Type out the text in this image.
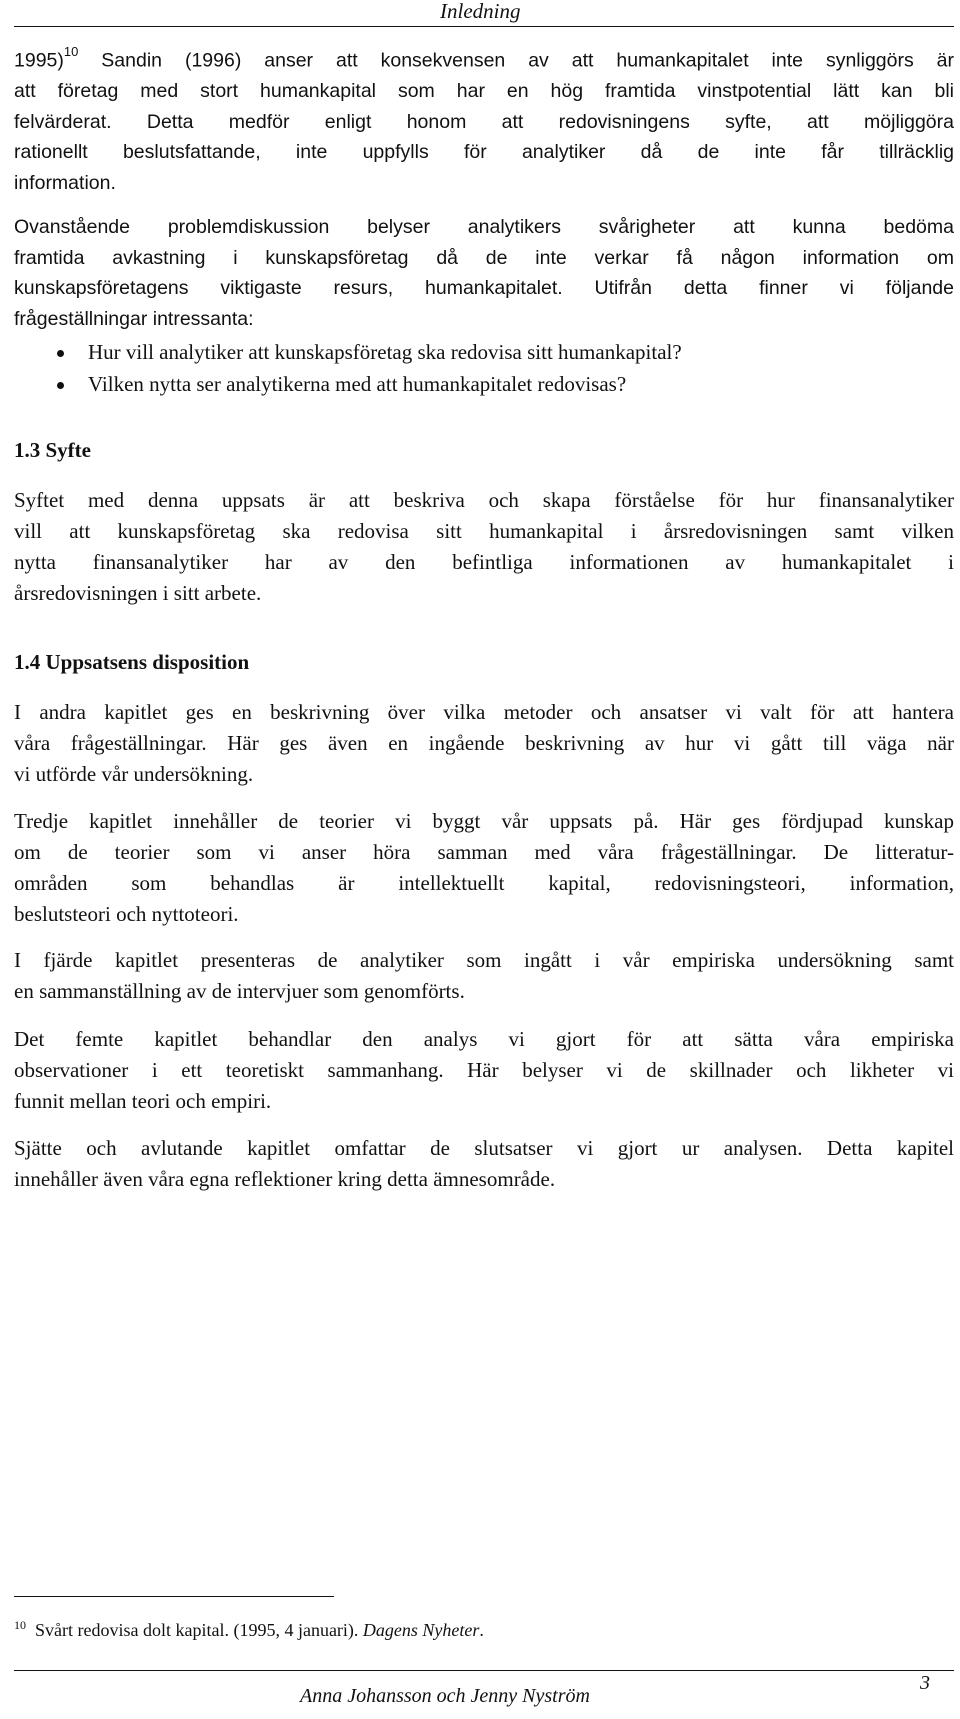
Inledning
1995)$^{10}$ Sandin (1996) anser att konsekvensen av att humankapitalet inte synliggörs är
att företag med stort humankapital som har en hög framtida vinstpotential lätt kan bli
felvärderat. Detta medför enligt honom att redovisningens syfte, att möjliggöra
rationellt beslutsfattande, inte uppfylls för analytiker då de inte får tillräcklig
information.
Ovanstående problemdiskussion belyser analytikers svårigheter att kunna bedöma
framtida avkastning i kunskapsföretag då de inte verkar få någon information om
kunskapsföretagens viktigaste resurs, humankapitalet. Utifrån detta finner vi följande
frågeställningar intressanta:
Hur vill analytiker att kunskapsföretag ska redovisa sitt humankapital?
Vilken nytta ser analytikerna med att humankapitalet redovisas?
1.3 Syfte
Syftet med denna uppsats är att beskriva och skapa förståelse för hur finansanalytiker
vill att kunskapsföretag ska redovisa sitt humankapital i årsredovisningen samt vilken
nytta finansanalytiker har av den befintliga informationen av humankapitalet i
årsredovisningen i sitt arbete.
1.4 Uppsatsens disposition
I andra kapitlet ges en beskrivning över vilka metoder och ansatser vi valt för att hantera
våra frågeställningar. Här ges även en ingående beskrivning av hur vi gått till väga när
vi utförde vår undersökning.
Tredje kapitlet innehåller de teorier vi byggt vår uppsats på. Här ges fördjupad kunskap
om de teorier som vi anser höra samman med våra frågeställningar. De litteratur-
områden som behandlas är intellektuellt kapital, redovisningsteori, information,
beslutsteori och nyttoteori.
I fjärde kapitlet presenteras de analytiker som ingått i vår empiriska undersökning samt
en sammanställning av de intervjuer som genomförts.
Det femte kapitlet behandlar den analys vi gjort för att sätta våra empiriska
observationer i ett teoretiskt sammanhang. Här belyser vi de skillnader och likheter vi
funnit mellan teori och empiri.
Sjätte och avlutande kapitlet omfattar de slutsatser vi gjort ur analysen. Detta kapitel
innehåller även våra egna reflektioner kring detta ämnesområde.
$^{10}$ Svårt redovisa dolt kapital. (1995, 4 januari). Dagens Nyheter.
Anna Johansson och Jenny Nyström
3
